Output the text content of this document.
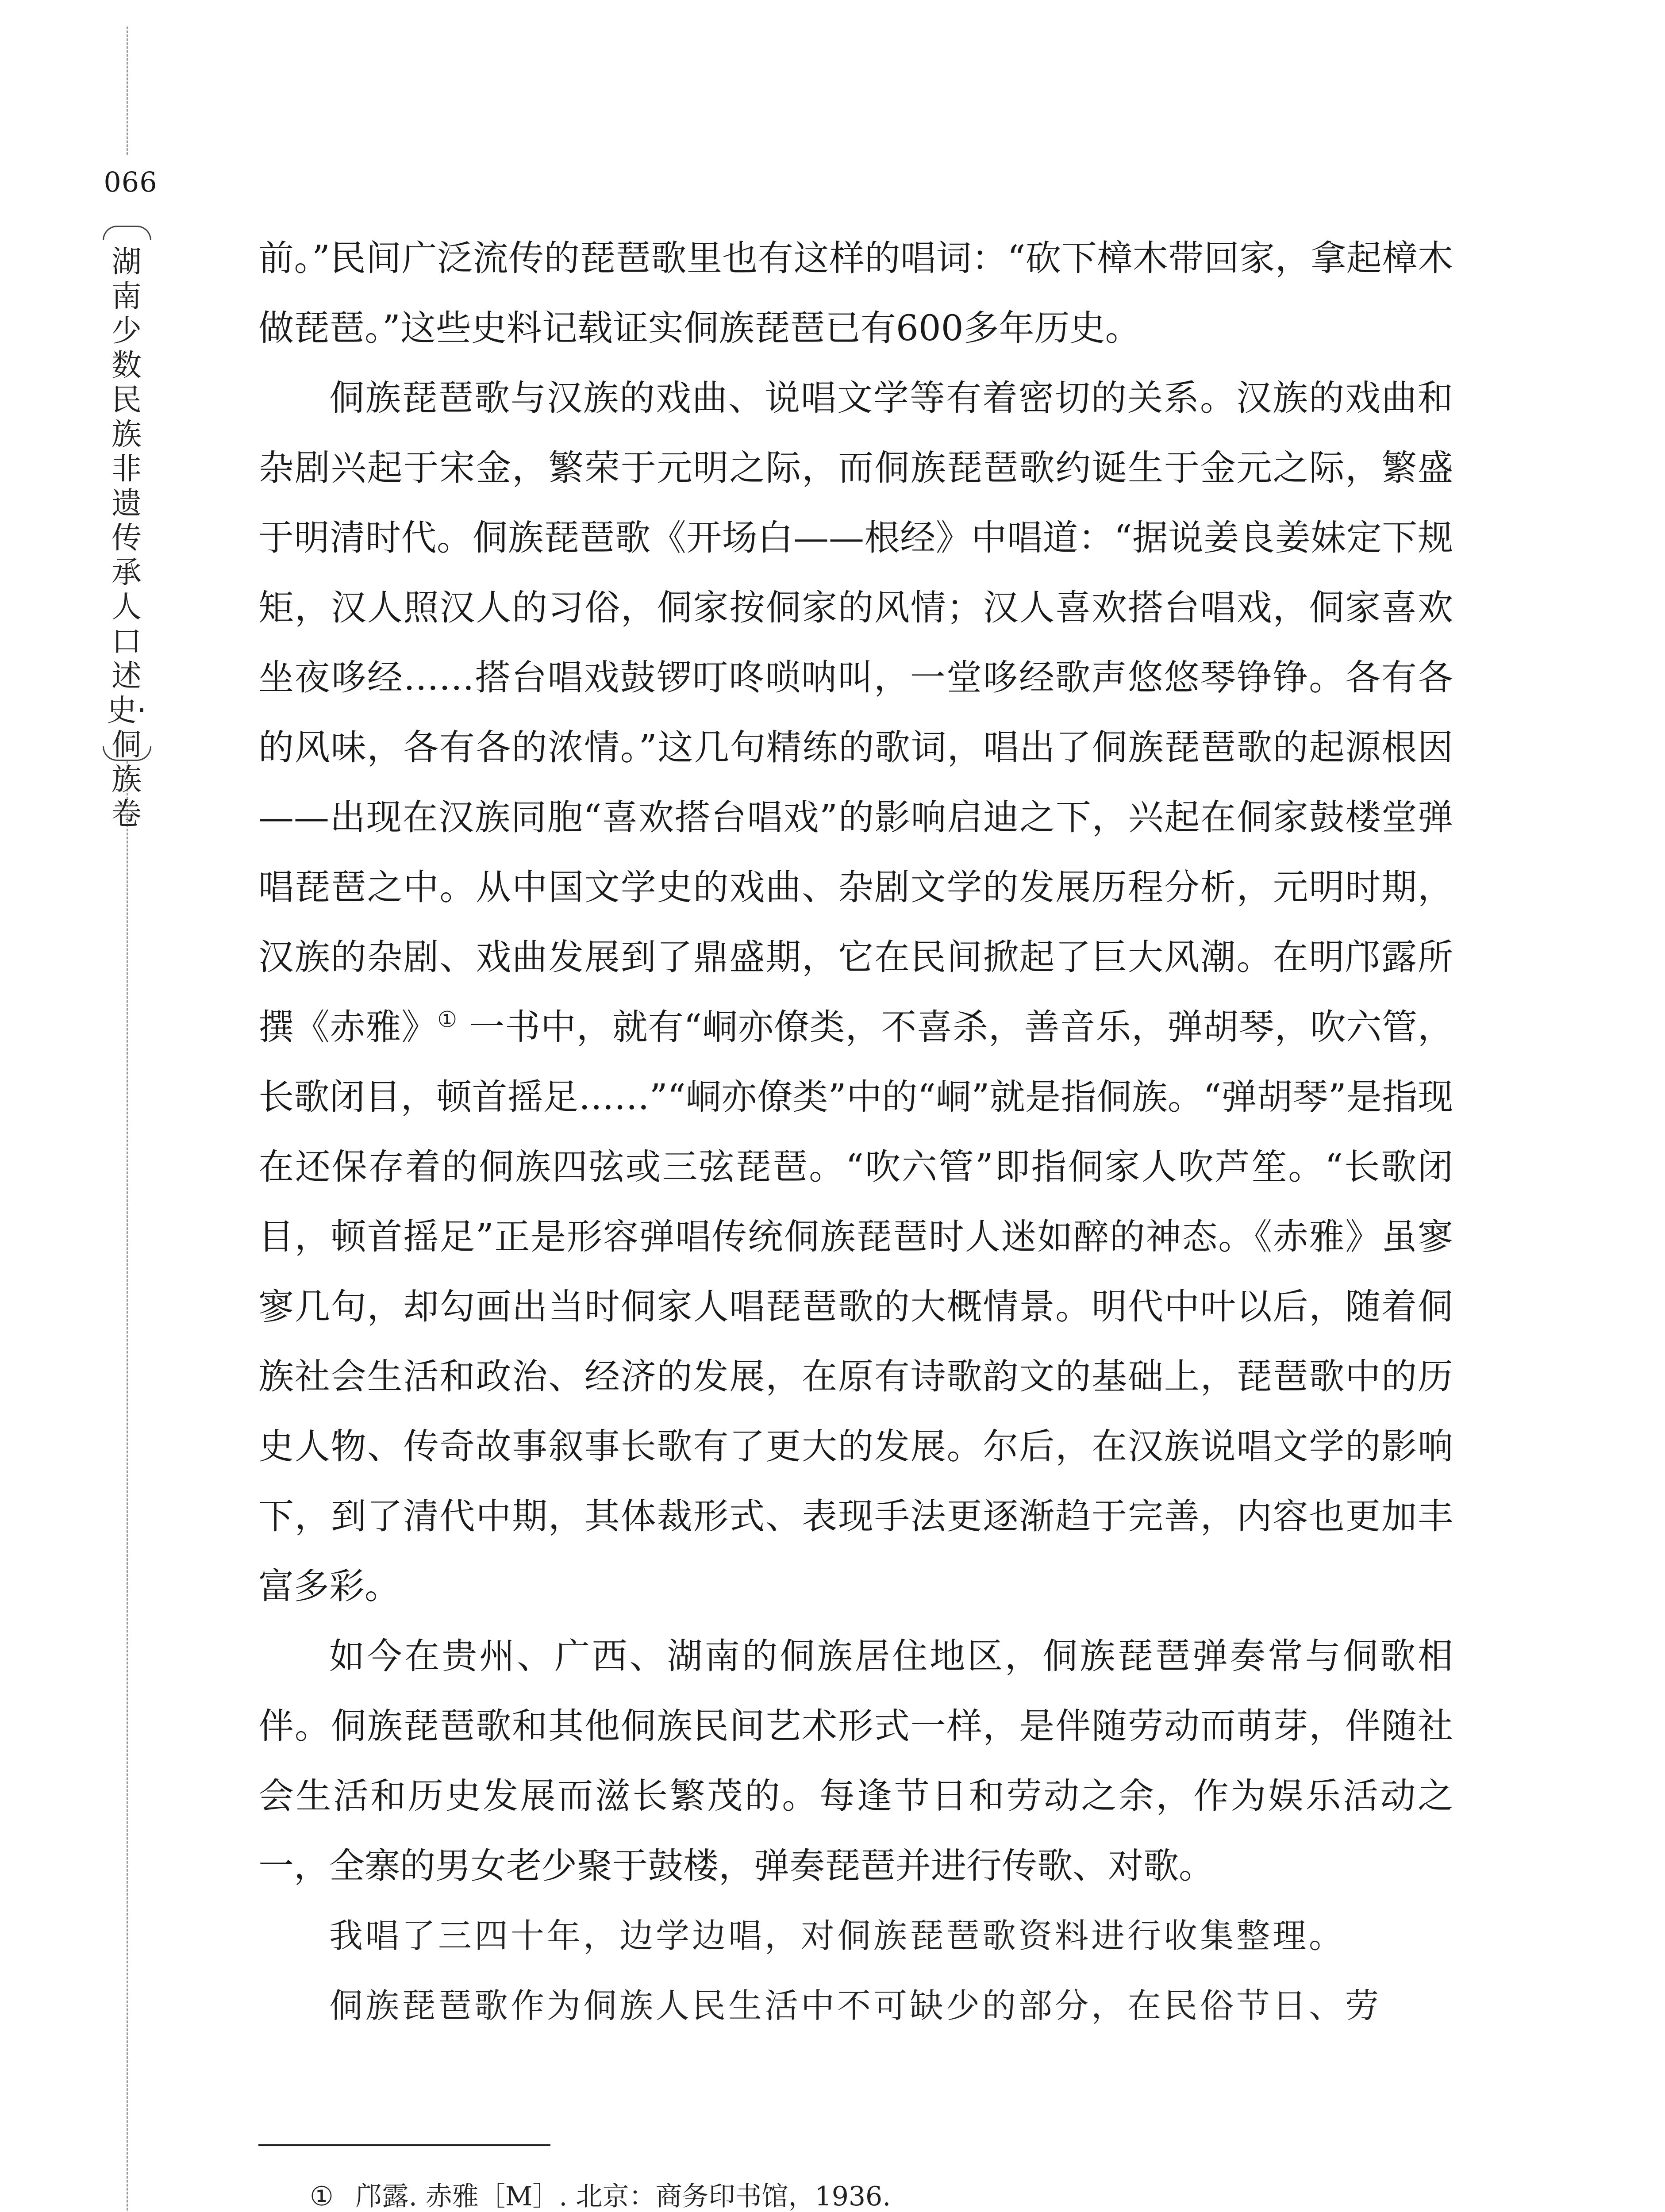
066
湖南少数民族非遗传承人口述史·侗族卷

前。”民间广泛流传的琵琶歌里也有这样的唱词：“砍下樟木带回家，拿起樟木做琵琶。”这些史料记载证实侗族琵琶已有600多年历史。

侗族琵琶歌与汉族的戏曲、说唱文学等有着密切的关系。汉族的戏曲和杂剧兴起于宋金，繁荣于元明之际，而侗族琵琶歌约诞生于金元之际，繁盛于明清时代。侗族琵琶歌《开场白——根经》中唱道：“据说姜良姜妹定下规矩，汉人照汉人的习俗，侗家按侗家的风情；汉人喜欢搭台唱戏，侗家喜欢坐夜哆经……搭台唱戏鼓锣叮咚唢呐叫，一堂哆经歌声悠悠琴铮铮。各有各的风味，各有各的浓情。”这几句精练的歌词，唱出了侗族琵琶歌的起源根因——出现在汉族同胞“喜欢搭台唱戏”的影响启迪之下，兴起在侗家鼓楼堂弹唱琵琶之中。从中国文学史的戏曲、杂剧文学的发展历程分析，元明时期，汉族的杂剧、戏曲发展到了鼎盛期，它在民间掀起了巨大风潮。在明邝露所撰《赤雅》① 一书中，就有“峒亦僚类，不喜杀，善音乐，弹胡琴，吹六管，长歌闭目，顿首摇足……”“峒亦僚类”中的“峒”就是指侗族。“弹胡琴”是指现在还保存着的侗族四弦或三弦琵琶。“吹六管”即指侗家人吹芦笙。“长歌闭目，顿首摇足”正是形容弹唱传统侗族琵琶时人迷如醉的神态。《赤雅》虽寥寥几句，却勾画出当时侗家人唱琵琶歌的大概情景。明代中叶以后，随着侗族社会生活和政治、经济的发展，在原有诗歌韵文的基础上，琵琶歌中的历史人物、传奇故事叙事长歌有了更大的发展。尔后，在汉族说唱文学的影响下，到了清代中期，其体裁形式、表现手法更逐渐趋于完善，内容也更加丰富多彩。

如今在贵州、广西、湖南的侗族居住地区，侗族琵琶弹奏常与侗歌相伴。侗族琵琶歌和其他侗族民间艺术形式一样，是伴随劳动而萌芽，伴随社会生活和历史发展而滋长繁茂的。每逢节日和劳动之余，作为娱乐活动之一，全寨的男女老少聚于鼓楼，弹奏琵琶并进行传歌、对歌。

我唱了三四十年，边学边唱，对侗族琵琶歌资料进行收集整理。

侗族琵琶歌作为侗族人民生活中不可缺少的部分，在民俗节日、劳

① 邝露. 赤雅［M］. 北京：商务印书馆，1936.
